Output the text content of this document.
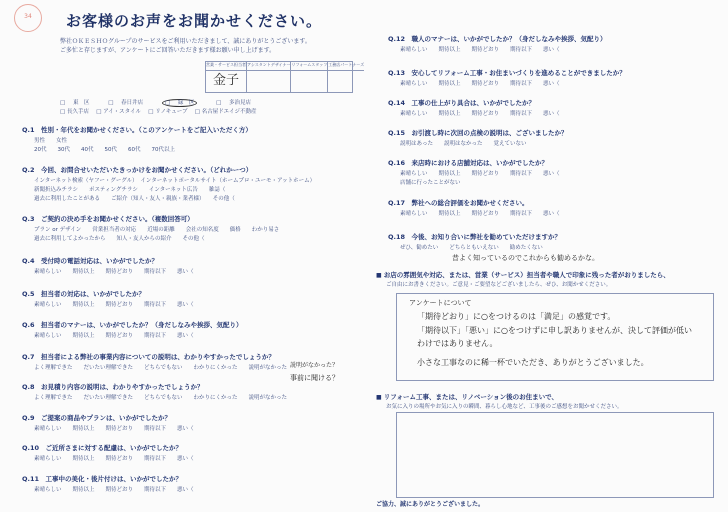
34	お客様のお声をお聞かせください。
弊社ＯＫＥＳＨＯグループのサービスをご利用いただきまして、誠にありがとうございます。
ご多忙と存じますが、アンケートにご回答いただきます様お願い申し上げます。
営業・サービス担当者 アシスタントデザイナー リフォームスタッフ 工務店パートナーズ
金子
□ 東　区　　	□ 春日井店　　	□ 緑　区　　	□ 多治見店
□ 長久手店　 □ アイ・スタイル　 □ リノキューブ　 □ 名古屋ドエイジ不動産
Q.1　性別・年代をお聞かせください。（このアンケートをご記入いただく方）
男性　　女性
20代　　30代　　40代　　50代　　60代　　70代以上
Q.2　今回、お問合せいただいたきっかけをお聞かせください。（どれかーつ）
インターネット検索（ヤフー・グーグル）　インターネットポータルサイト（ホームプロ・ユーモ・アットホーム）
新聞折込みチラシ　　ポスティングチラシ　　インターネット広告　　雑誌（
過去に利用したことがある　　ご紹介（知人・友人・親族・業者様）　　その他（
Q.3　ご契約の決め手をお聞かせください。（複数回答可）
プラン or デザイン　　営業担当者の対応　　近場の距離　　会社の知名度　　価格　　わかり易さ
過去に利用してよかったから　　知人・友人からの紹介　　その他（
Q.4　受付時の電話対応は、いかがでしたか？
素晴らしい　　期待以上　　期待どおり　　期待以下　　悪い（
Q.5　担当者の対応は、いかがでしたか？
素晴らしい　　期待以上　　期待どおり　　期待以下　　悪い（
Q.6　担当者のマナーは、いかがでしたか？（身だしなみや挨拶、気配り）
素晴らしい　　期待以上　　期待どおり　　期待以下　　悪い（
Q.7　担当者による弊社の事業内容についての説明は、わかりやすかったでしょうか？
よく理解できた　　だいたい理解できた　　どちらでもない　　わかりにくかった　　説明がなかった
Q.8　お見積り内容の説明は、わかりやすかったでしょうか？
よく理解できた　　だいたい理解できた　　どちらでもない　　わかりにくかった　　説明がなかった
Q.9　ご提案の商品やプランは、いかがでしたか？
素晴らしい　　期待以上　　期待どおり　　期待以下　　悪い（
Q.10　ご近所さまに対する配慮は、いかがでしたか？
素晴らしい　　期待以上　　期待どおり　　期待以下　　悪い（
Q.11　工事中の美化・後片付けは、いかがでしたか？
素晴らしい　　期待以上　　期待どおり　　期待以下　　悪い（
Q.12　職人のマナーは、いかがでしたか？（身だしなみや挨拶、気配り）
素晴らしい　　期待以上　　期待どおり　　期待以下　　悪い（
Q.13　安心してリフォーム工事・お住まいづくりを進めることができましたか？
素晴らしい　　期待以上　　期待どおり　　期待以下　　悪い（
Q.14　工事の仕上がり具合は、いかがでしたか？
素晴らしい　　期待以上　　期待どおり　　期待以下　　悪い（
Q.15　お引渡し時に次回の点検の説明は、ございましたか？
説明はあった　　説明はなかった　　覚えていない
Q.16　来店時における店舗対応は、いかがでしたか？
素晴らしい　　期待以上　　期待どおり　　期待以下　　悪い（
店舗に行ったことがない
Q.17　弊社への総合評価をお聞かせください。
素晴らしい　　期待以上　　期待どおり　　期待以下　　悪い（
Q.18　今後、お知り合いに弊社を勧めていただけますか？
ぜひ、勧めたい　　どちらともいえない　　勧めたくない
昔よく知っているのでこれからも勧めるかな。
説明がなかった？
事前に聞ける？
■ お店の雰囲気や対応、または、営業（サービス）担当者や職人で印象に残った者がおりましたら、
ご自由にお書きください。ご意見・ご要望などございましたら、ぜひ、お聞かせください。
アンケートについて
「期待どおり」に○をつけるのは「満足」の感覚です。
「期待以下」「悪い」に○をつけずに申し訳ありませんが、決して評価が低い
わけではありません。
小さな工事なのに稀一杯でいただき、ありがとうございました。
■ リフォーム工事、または、リノベーション後のお住まいで、
お気に入りの場所やお気に入りの瞬間、暮らし心地など、工事後のご感想をお聞かせください。
ご協力、誠にありがとうございました。
